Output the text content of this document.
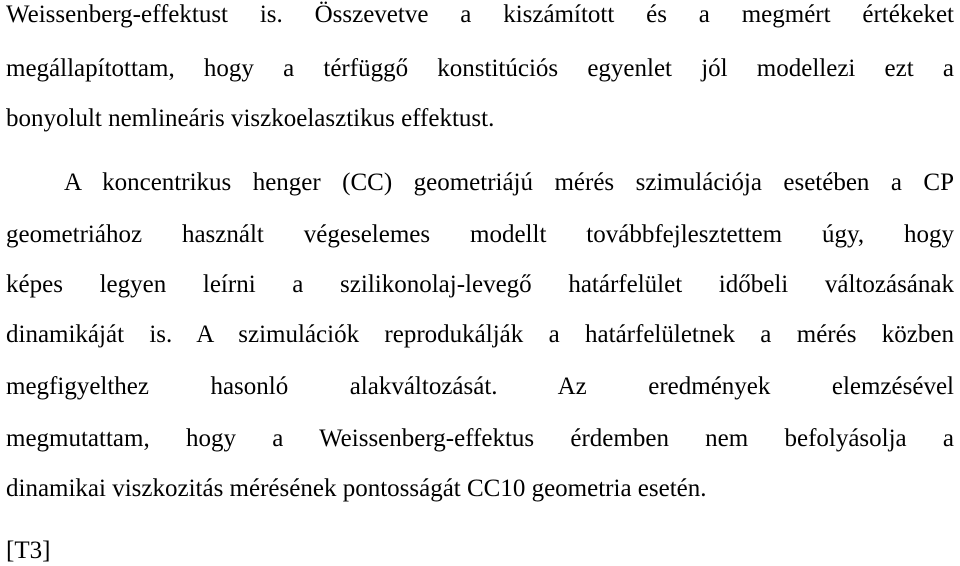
Weissenberg-effektust is. Összevetve a kiszámított és a megmért értékeket
megállapítottam, hogy a térfüggő konstitúciós egyenlet jól modellezi ezt a
bonyolult nemlineáris viszkoelasztikus effektust.
A koncentrikus henger (CC) geometriájú mérés szimulációja esetében a CP
geometriához használt végeselemes modellt továbbfejlesztettem úgy, hogy
képes legyen leírni a szilikonolaj-levegő határfelület időbeli változásának
dinamikáját is. A szimulációk reprodukálják a határfelületnek a mérés közben
megfigyelthez hasonló alakváltozását. Az eredmények elemzésével
megmutattam, hogy a Weissenberg-effektus érdemben nem befolyásolja a
dinamikai viszkozitás mérésének pontosságát CC10 geometria esetén.
[T3]
